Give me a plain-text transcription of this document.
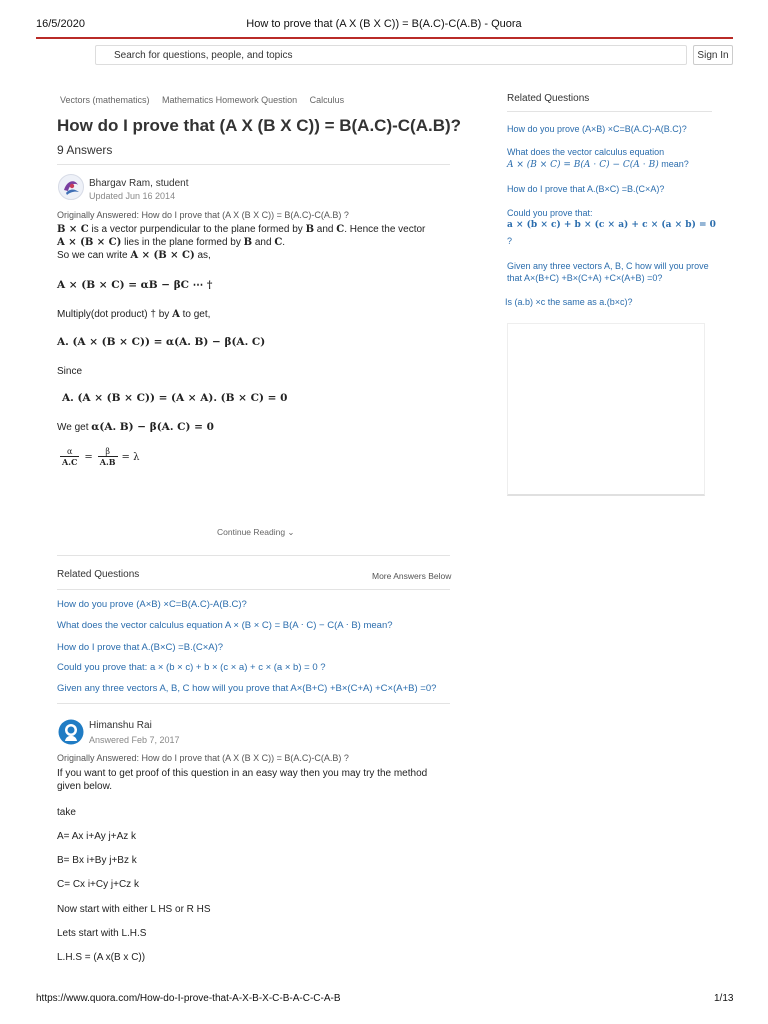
16/5/2020	How to prove that (A X (B X C)) = B(A.C)-C(A.B) - Quora
Search for questions, people, and topics	Sign In
Vectors (mathematics) Mathematics Homework Question Calculus
How do I prove that (A X (B X C)) = B(A.C)-C(A.B)?
9 Answers
Bhargav Ram, student
Updated Jun 16 2014
Originally Answered: How do I prove that (A X (B X C)) = B(A.C)-C(A.B) ?
B × C is a vector purpendicular to the plane formed by B and C. Hence the vector
A × (B × C) lies in the plane formed by B and C.
So we can write A × (B × C) as,
A × (B × C) = αB − βC ⋯ †
Multiply(dot product) † by A to get,
A. (A × (B × C)) = α(A. B) − β(A. C)
Since
A. (A × (B × C)) = (A × A). (B × C) = 0
We get α(A. B) − β(A. C) = 0
$\frac{\alpha}{A.C} = \frac{\beta}{A.B} = \lambda$
Continue Reading ⌄
Related Questions	More Answers Below
How do you prove (A×B) ×C=B(A.C)-A(B.C)?
What does the vector calculus equation A × (B × C) = B(A ⋅ C) − C(A ⋅ B) mean?
How do I prove that A.(B×C) =B.(C×A)?
Could you prove that: a × (b × c) + b × (c × a) + c × (a × b) = 0 ?
Given any three vectors A, B, C how will you prove that A×(B+C) +B×(C+A) +C×(A+B) =0?
Himanshu Rai
Answered Feb 7, 2017
Originally Answered: How do I prove that (A X (B X C)) = B(A.C)-C(A.B) ?
If you want to get proof of this question in an easy way then you may try the method
given below.
take
A= Ax i+Ay j+Az k
B= Bx i+By j+Bz k
C= Cx i+Cy j+Cz k
Now start with either L HS or R HS
Lets start with L.H.S
L.H.S = (A x(B x C))
Related Questions
How do you prove (A×B) ×C=B(A.C)-A(B.C)?
What does the vector calculus equation
A × (B × C) = B(A ⋅ C) − C(A ⋅ B) mean?
How do I prove that A.(B×C) =B.(C×A)?
Could you prove that:
a × (b × c) + b × (c × a) + c × (a × b) = 0
?
Given any three vectors A, B, C how will you prove
that A×(B+C) +B×(C+A) +C×(A+B) =0?
Is (a.b) ×c the same as a.(b×c)?
https://www.quora.com/How-do-I-prove-that-A-X-B-X-C-B-A-C-C-A-B	1/13
